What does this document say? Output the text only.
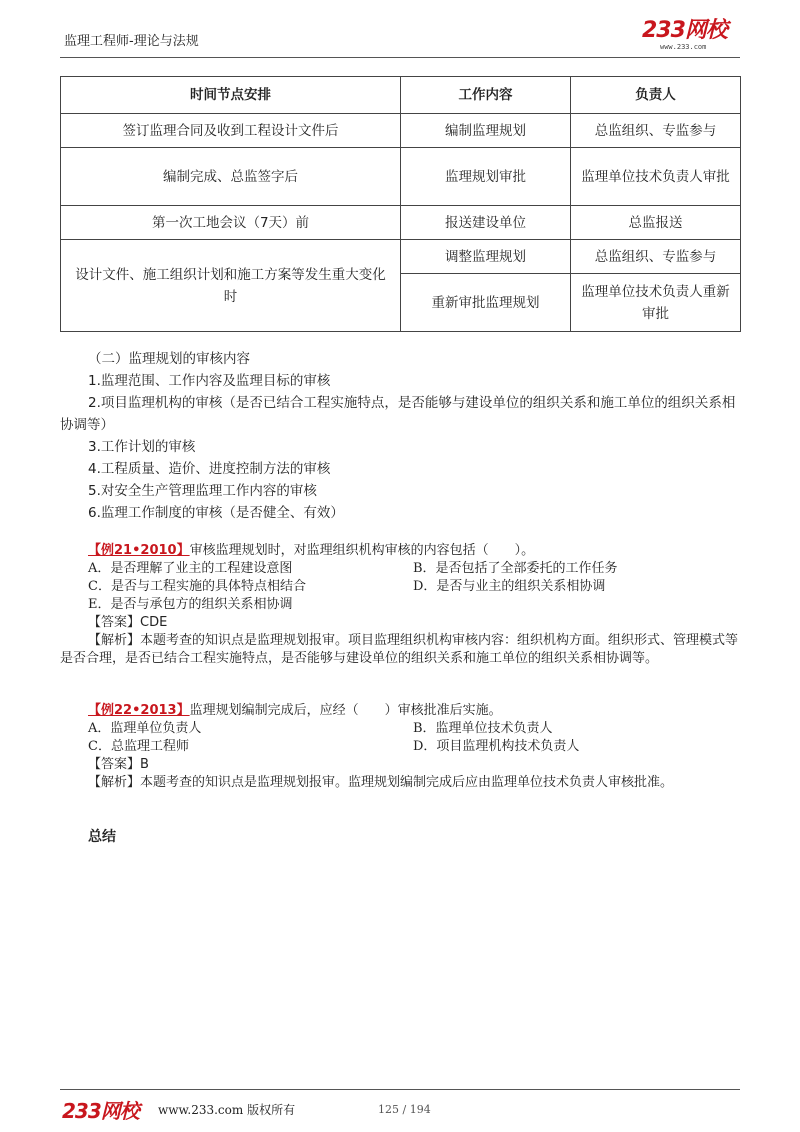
监理工程师-理论与法规	233网校
www.233.com
时间节点安排	工作内容	负责人
签订监理合同及收到工程设计文件后	编制监理规划	总监组织、专监参与
编制完成、总监签字后	监理规划审批	监理单位技术负责人审批
第一次工地会议（7天）前	报送建设单位	总监报送
设计文件、施工组织计划和施工方案等发生重大变化时	调整监理规划	总监组织、专监参与
	重新审批监理规划	监理单位技术负责人重新审批
（二）监理规划的审核内容
1.监理范围、工作内容及监理目标的审核
2.项目监理机构的审核（是否已结合工程实施特点，是否能够与建设单位的组织关系和施工单位的组织关系相协调等）
3.工作计划的审核
4.工程质量、造价、进度控制方法的审核
5.对安全生产管理监理工作内容的审核
6.监理工作制度的审核（是否健全、有效）
【例21•2010】审核监理规划时，对监理组织机构审核的内容包括（　　）。
A．是否理解了业主的工程建设意图	B．是否包括了全部委托的工作任务
C．是否与工程实施的具体特点相结合	D．是否与业主的组织关系相协调
E．是否与承包方的组织关系相协调
【答案】CDE
【解析】本题考查的知识点是监理规划报审。项目监理组织机构审核内容：组织机构方面。组织形式、管理模式等是否合理，是否已结合工程实施特点，是否能够与建设单位的组织关系和施工单位的组织关系相协调等。
【例22•2013】监理规划编制完成后，应经（　　）审核批准后实施。
A．监理单位负责人	B．监理单位技术负责人
C．总监理工程师	D．项目监理机构技术负责人
【答案】B
【解析】本题考查的知识点是监理规划报审。监理规划编制完成后应由监理单位技术负责人审核批准。
总结
233网校 www.233.com 版权所有	125 / 194
